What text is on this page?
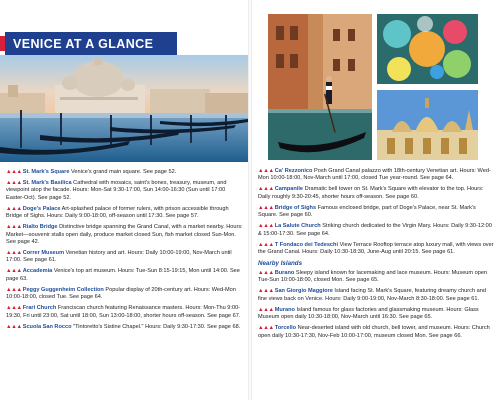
VENICE AT A GLANCE

▲▲▲St. Mark's Square Venice's grand main square. See page 52.

▲▲▲St. Mark's Basilica Cathedral with mosaics, saint's bones, treasury, museum, and viewpoint atop the facade. Hours: Mon-Sat 9:30-17:00, Sun 14:00-16:30 (Sun until 17:00 Easter-Oct). See page 52.

▲▲▲Doge's Palace Art-splashed palace of former rulers, with prison accessible through Bridge of Sighs. Hours: Daily 9:00-18:00, off-season until 17:30. See page 57.

▲▲▲Rialto Bridge Distinctive bridge spanning the Grand Canal, with a market nearby. Hours: Market—souvenir stalls open daily, produce market closed Sun, fish market closed Sun-Mon. See page 42.

▲▲▲Correr Museum Venetian history and art. Hours: Daily 10:00-19:00, Nov-March until 17:00. See page 61.

▲▲▲Accademia Venice's top art museum. Hours: Tue-Sun 8:15-19:15, Mon until 14:00. See page 63.

▲▲▲Peggy Guggenheim Collection Popular display of 20th-century art. Hours: Wed-Mon 10:00-18:00, closed Tue. See page 64.

▲▲▲Frari Church Franciscan church featuring Renaissance masters. Hours: Mon-Thu 9:00-19:30, Fri until 23:00, Sat until 18:00, Sun 13:00-18:00, shorter hours off-season. See page 67.

▲▲▲Scuola San Rocco "Tintoretto's Sistine Chapel." Hours: Daily 9:30-17:30. See page 68.

▲▲▲Ca' Rezzonico Posh Grand Canal palazzo with 18th-century Venetian art. Hours: Wed-Mon 10:00-18:00, Nov-March until 17:00, closed Tue year-round. See page 64.

▲▲▲Campanile Dramatic bell tower on St. Mark's Square with elevator to the top. Hours: Daily roughly 9:30-20:45, shorter hours off-season. See page 60.

▲▲▲Bridge of Sighs Famous enclosed bridge, part of Doge's Palace, near St. Mark's Square. See page 60.

▲▲▲La Salute Church Striking church dedicated to the Virgin Mary. Hours: Daily 9:30-12:00 & 15:00-17:30. See page 64.

▲▲▲T Fondaco dei Tedeschi View Terrace Rooftop terrace atop luxury mall, with views over the Grand Canal. Hours: Daily 10:30-18:30, June-Aug until 20:15. See page 61.

Nearby Islands

▲▲▲Burano Sleepy island known for lacemaking and lace museum. Hours: Museum open Tue-Sun 10:00-18:00, closed Mon. See page 65.

▲▲▲San Giorgio Maggiore Island facing St. Mark's Square, featuring dreamy church and fine views back on Venice. Hours: Daily 9:00-19:00, Nov-March 8:30-18:00. See page 61.

▲▲▲Murano Island famous for glass factories and glassmaking museum. Hours: Glass Museum open daily 10:30-18:00, Nov-March until 16:30. See page 65.

▲▲▲Torcello Near-deserted island with old church, bell tower, and museum. Hours: Church open daily 10:30-17:30, Nov-Feb 10:00-17:00, museum closed Mon. See page 66.
